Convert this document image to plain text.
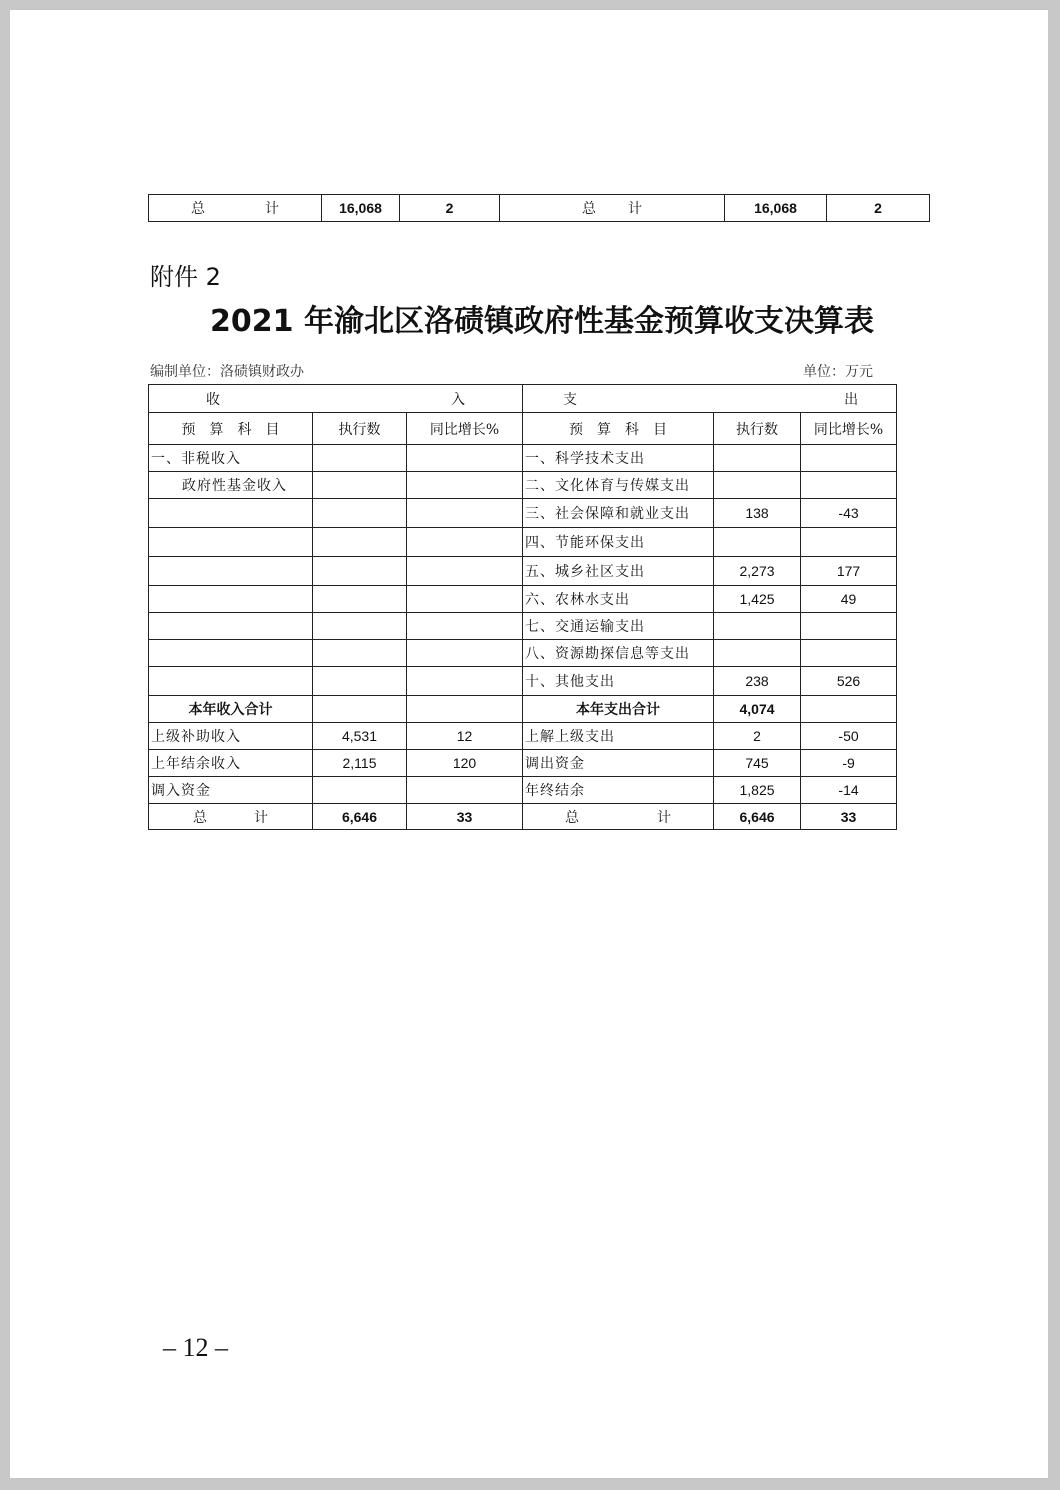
总	计	16,068	2	总 计	16,068	2
附件 2
2021 年渝北区洛碛镇政府性基金预算收支决算表
编制单位：洛碛镇财政办	单位：万元
收 入			支 出		

预　算　科　目	执行数	同比增长%	预　算　科　目	执行数	同比增长%
一、非税收入			一、科学技术支出		
政府性基金收入			二、文化体育与传媒支出		
			三、社会保障和就业支出	138	-43
			四、节能环保支出		
			五、城乡社区支出	2,273	177
			六、农林水支出	1,425	49
			七、交通运输支出		
			八、资源勘探信息等支出		
			十、其他支出	238	526
本年收入合计			本年支出合计	4,074	
上级补助收入	4,531	12	上解上级支出	2	-50
上年结余收入	2,115	120	调出资金	745	-9
调入资金			年终结余	1,825	-14

总 计	6,646	33	总 计	6,646	33
– 12 –
